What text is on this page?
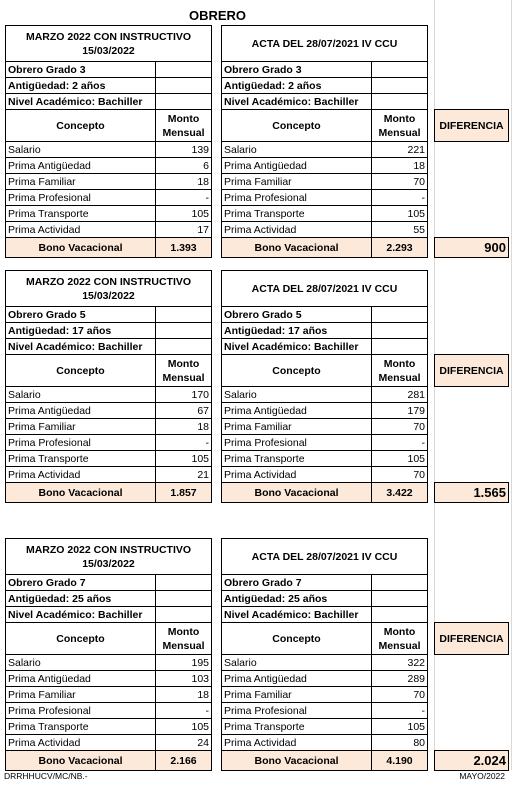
OBRERO
MARZO 2022 CON INSTRUCTIVO 15/03/2022	
Obrero Grado 3	
Antigüedad: 2 años	
Nivel Académico: Bachiller	
Concepto	Monto Mensual
Salario	139
Prima Antigüedad	6
Prima Familiar	18
Prima Profesional	-
Prima Transporte	105
Prima Actividad	17
Bono Vacacional	1.393
ACTA DEL 28/07/2021 IV CCU	
Obrero Grado 3	
Antigüedad: 2 años	
Nivel Académico: Bachiller	
Concepto	Monto Mensual
Salario	221
Prima Antigüedad	18
Prima Familiar	70
Prima Profesional	-
Prima Transporte	105
Prima Actividad	55
Bono Vacacional	2.293
DIFERENCIA

900
MARZO 2022 CON INSTRUCTIVO 15/03/2022	
Obrero Grado 5	
Antigüedad: 17 años	
Nivel Académico: Bachiller	
Concepto	Monto Mensual
Salario	170
Prima Antigüedad	67
Prima Familiar	18
Prima Profesional	-
Prima Transporte	105
Prima Actividad	21
Bono Vacacional	1.857
ACTA DEL 28/07/2021 IV CCU	
Obrero Grado 5	
Antigüedad: 17 años	
Nivel Académico: Bachiller	
Concepto	Monto Mensual
Salario	281
Prima Antigüedad	179
Prima Familiar	70
Prima Profesional	-
Prima Transporte	105
Prima Actividad	70
Bono Vacacional	3.422
DIFERENCIA

1.565
MARZO 2022 CON INSTRUCTIVO 15/03/2022	
Obrero Grado 7	
Antigüedad: 25 años	
Nivel Académico: Bachiller	
Concepto	Monto Mensual
Salario	195
Prima Antigüedad	103
Prima Familiar	18
Prima Profesional	-
Prima Transporte	105
Prima Actividad	24
Bono Vacacional	2.166
ACTA DEL 28/07/2021 IV CCU	
Obrero Grado 7	
Antigüedad: 25 años	
Nivel Académico: Bachiller	
Concepto	Monto Mensual
Salario	322
Prima Antigüedad	289
Prima Familiar	70
Prima Profesional	-
Prima Transporte	105
Prima Actividad	80
Bono Vacacional	4.190
DIFERENCIA

2.024
DRRHHUCV/MC/NB.-	MAYO/2022
